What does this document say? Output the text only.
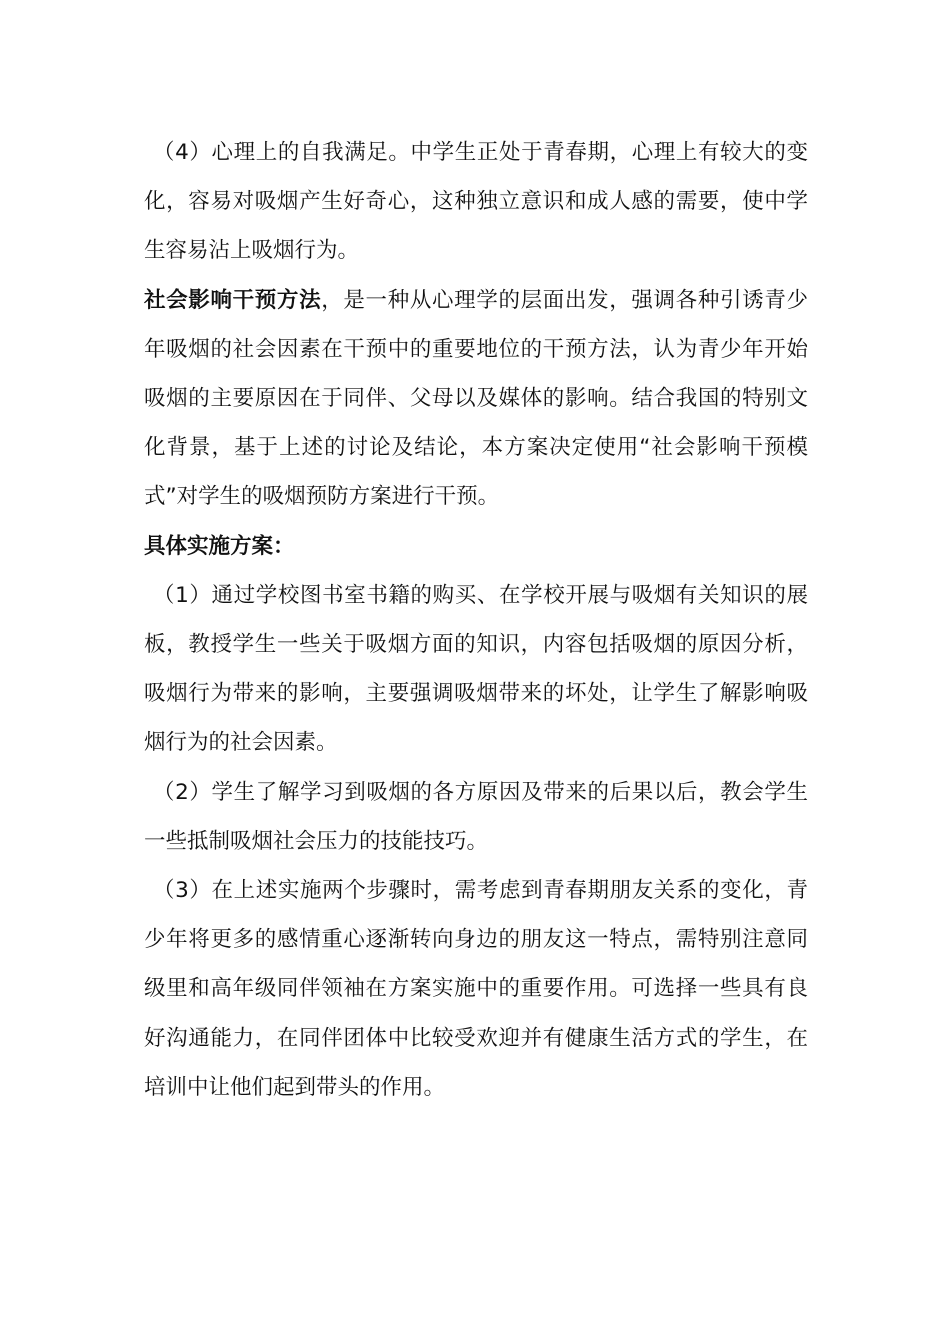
（4）心理上的自我满足。中学生正处于青春期，心理上有较大的变化，容易对吸烟产生好奇心，这种独立意识和成人感的需要，使中学生容易沾上吸烟行为。

社会影响干预方法，是一种从心理学的层面出发，强调各种引诱青少年吸烟的社会因素在干预中的重要地位的干预方法，认为青少年开始吸烟的主要原因在于同伴、父母以及媒体的影响。结合我国的特别文化背景，基于上述的讨论及结论，本方案决定使用“社会影响干预模式”对学生的吸烟预防方案进行干预。

具体实施方案：

（1）通过学校图书室书籍的购买、在学校开展与吸烟有关知识的展板，教授学生一些关于吸烟方面的知识，内容包括吸烟的原因分析，吸烟行为带来的影响，主要强调吸烟带来的坏处，让学生了解影响吸烟行为的社会因素。

（2）学生了解学习到吸烟的各方原因及带来的后果以后，教会学生一些抵制吸烟社会压力的技能技巧。

（3）在上述实施两个步骤时，需考虑到青春期朋友关系的变化，青少年将更多的感情重心逐渐转向身边的朋友这一特点，需特别注意同级里和高年级同伴领袖在方案实施中的重要作用。可选择一些具有良好沟通能力，在同伴团体中比较受欢迎并有健康生活方式的学生，在培训中让他们起到带头的作用。
